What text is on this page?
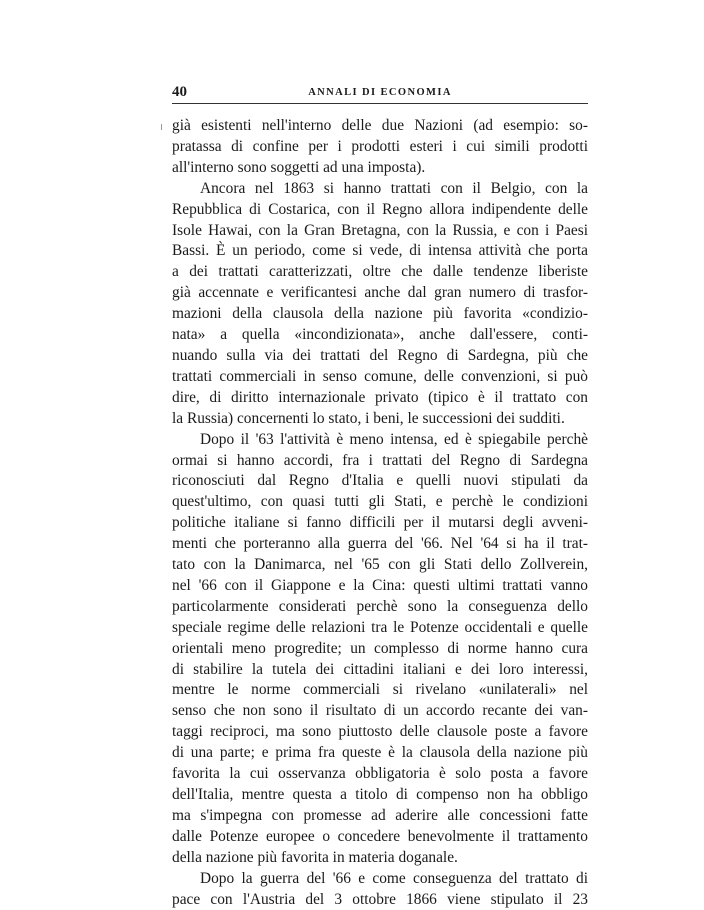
40	ANNALI DI ECONOMIA

già esistenti nell'interno delle due Nazioni (ad esempio: so-
pratassa di confine per i prodotti esteri i cui simili prodotti
all'interno sono soggetti ad una imposta).

Ancora nel 1863 si hanno trattati con il Belgio, con la
Repubblica di Costarica, con il Regno allora indipendente delle
Isole Hawai, con la Gran Bretagna, con la Russia, e con i Paesi
Bassi. È un periodo, come si vede, di intensa attività che porta
a dei trattati caratterizzati, oltre che dalle tendenze liberiste
già accennate e verificantesi anche dal gran numero di trasfor-
mazioni della clausola della nazione più favorita «condizio-
nata» a quella «incondizionata», anche dall'essere, conti-
nuando sulla via dei trattati del Regno di Sardegna, più che
trattati commerciali in senso comune, delle convenzioni, si può
dire, di diritto internazionale privato (tipico è il trattato con
la Russia) concernenti lo stato, i beni, le successioni dei sudditi.

Dopo il '63 l'attività è meno intensa, ed è spiegabile perchè
ormai si hanno accordi, fra i trattati del Regno di Sardegna
riconosciuti dal Regno d'Italia e quelli nuovi stipulati da
quest'ultimo, con quasi tutti gli Stati, e perchè le condizioni
politiche italiane si fanno difficili per il mutarsi degli avveni-
menti che porteranno alla guerra del '66. Nel '64 si ha il trat-
tato con la Danimarca, nel '65 con gli Stati dello Zollverein,
nel '66 con il Giappone e la Cina: questi ultimi trattati vanno
particolarmente considerati perchè sono la conseguenza dello
speciale regime delle relazioni tra le Potenze occidentali e quelle
orientali meno progredite; un complesso di norme hanno cura
di stabilire la tutela dei cittadini italiani e dei loro interessi,
mentre le norme commerciali si rivelano «unilaterali» nel
senso che non sono il risultato di un accordo recante dei van-
taggi reciproci, ma sono piuttosto delle clausole poste a favore
di una parte; e prima fra queste è la clausola della nazione più
favorita la cui osservanza obbligatoria è solo posta a favore
dell'Italia, mentre questa a titolo di compenso non ha obbligo
ma s'impegna con promesse ad aderire alle concessioni fatte
dalle Potenze europee o concedere benevolmente il trattamento
della nazione più favorita in materia doganale.

Dopo la guerra del '66 e come conseguenza del trattato di
pace con l'Austria del 3 ottobre 1866 viene stipulato il 23
